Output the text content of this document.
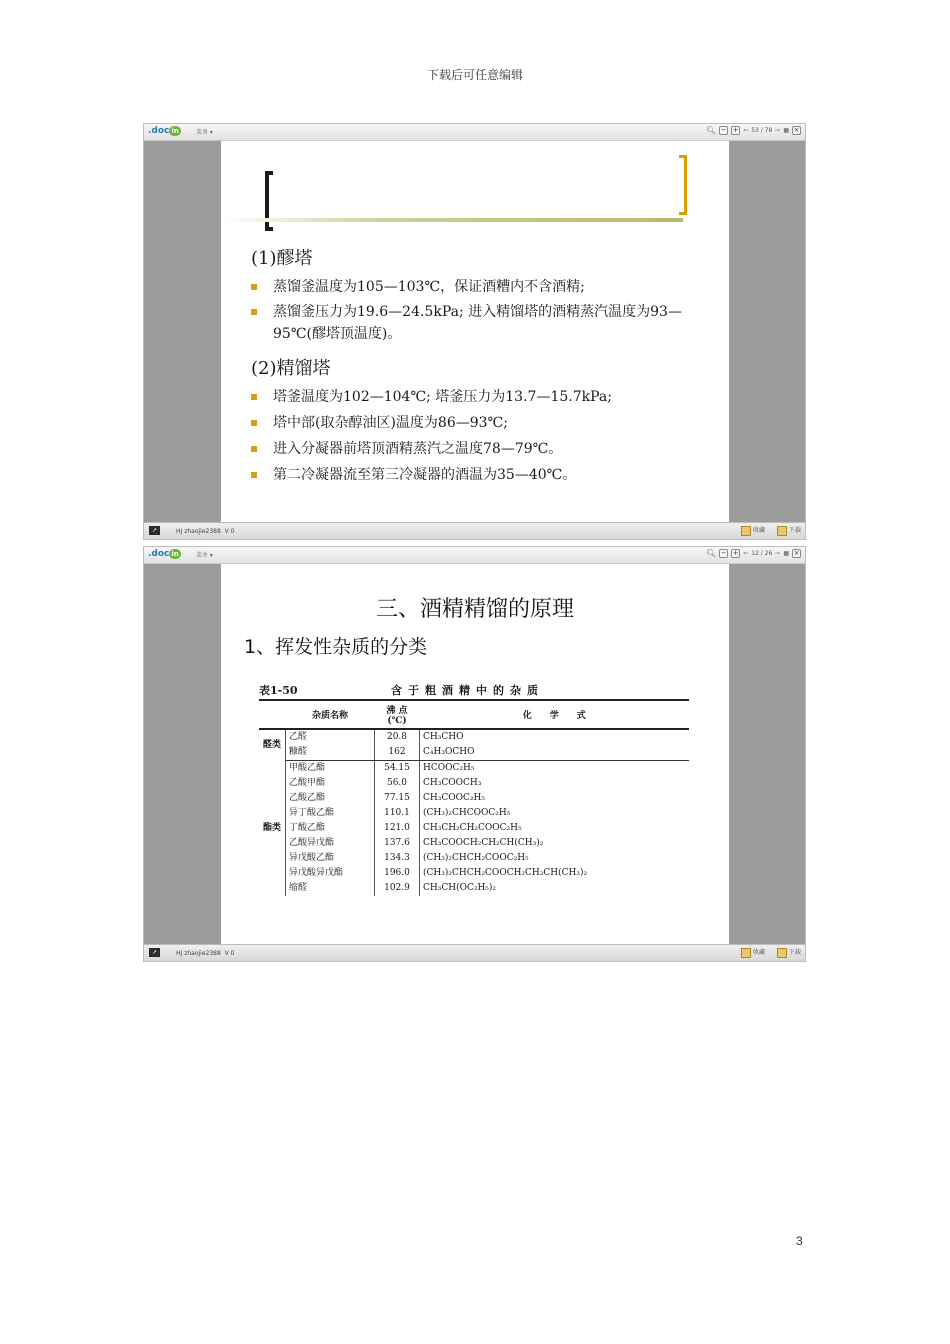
下载后可任意编辑
.doc in	菜单 ▾	🔍︎ − + ⇦ 53 / 78 ⇨ ▦ ×
(1)醪塔
蒸馏釜温度为105—103℃，保证酒糟内不含酒精;
蒸馏釜压力为19.6—24.5kPa; 进入精馏塔的酒精蒸汽温度为93—95℃(醪塔顶温度)。
(2)精馏塔
塔釜温度为102—104℃; 塔釜压力为13.7—15.7kPa;
塔中部(取杂醇油区)温度为86—93℃;
进入分凝器前塔顶酒精蒸汽之温度78—79℃。
第二冷凝器流至第三冷凝器的酒温为35—40℃。
↗	HJ zhaojie2388 V 0	收藏	下载
.doc in	菜单 ▾	🔍︎ − + ⇦ 12 / 26 ⇨ ▦ ×
三、酒精精馏的原理
1、挥发性杂质的分类
表1-50	含于粗酒精中的杂质
	杂质名称	沸 点(℃)	化　　学　　式
醛类	乙醛	20.8	CH₃CHO
	糠醛	162	C₄H₃OCHO
酯类	甲酸乙酯	54.15	HCOOC₂H₅
	乙酸甲酯	56.0	CH₃COOCH₃
	乙酸乙酯	77.15	CH₃COOC₂H₅
	异丁酸乙酯	110.1	(CH₃)₂CHCOOC₂H₅
	丁酸乙酯	121.0	CH₃CH₂CH₂COOC₂H₅
	乙酸异戊酯	137.6	CH₃COOCH₂CH₂CH(CH₃)₂
	异戊酸乙酯	134.3	(CH₃)₂CHCH₂COOC₂H₅
	异戊酸异戊酯	196.0	(CH₃)₂CHCH₂COOCH₂CH₂CH(CH₃)₂
	缩醛	102.9	CH₃CH(OC₂H₅)₂
↗	HJ zhaojie2388 V 0	收藏	下载
3
